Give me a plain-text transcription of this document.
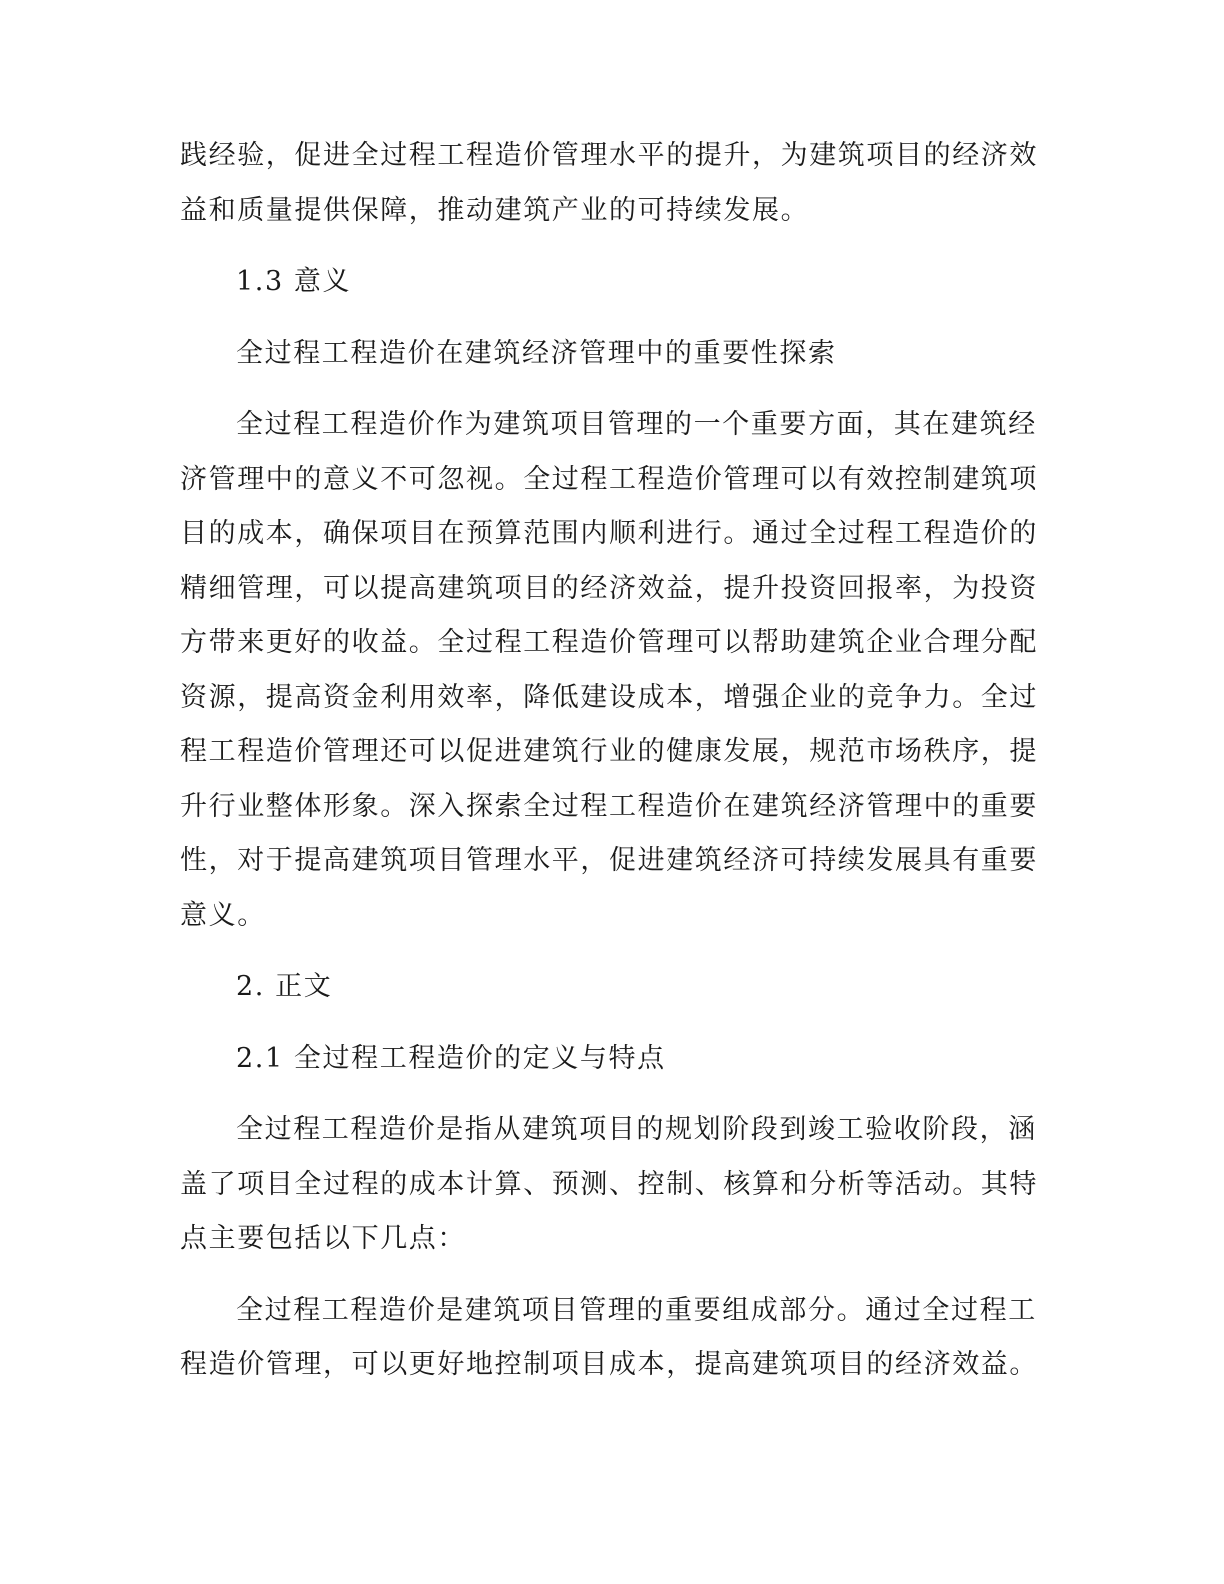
践经验，促进全过程工程造价管理水平的提升，为建筑项目的经济效
益和质量提供保障，推动建筑产业的可持续发展。
1.3 意义
全过程工程造价在建筑经济管理中的重要性探索
全过程工程造价作为建筑项目管理的一个重要方面，其在建筑经
济管理中的意义不可忽视。全过程工程造价管理可以有效控制建筑项
目的成本，确保项目在预算范围内顺利进行。通过全过程工程造价的
精细管理，可以提高建筑项目的经济效益，提升投资回报率，为投资
方带来更好的收益。全过程工程造价管理可以帮助建筑企业合理分配
资源，提高资金利用效率，降低建设成本，增强企业的竞争力。全过
程工程造价管理还可以促进建筑行业的健康发展，规范市场秩序，提
升行业整体形象。深入探索全过程工程造价在建筑经济管理中的重要
性，对于提高建筑项目管理水平，促进建筑经济可持续发展具有重要
意义。
2. 正文
2.1 全过程工程造价的定义与特点
全过程工程造价是指从建筑项目的规划阶段到竣工验收阶段，涵
盖了项目全过程的成本计算、预测、控制、核算和分析等活动。其特
点主要包括以下几点：
全过程工程造价是建筑项目管理的重要组成部分。通过全过程工
程造价管理，可以更好地控制项目成本，提高建筑项目的经济效益。
